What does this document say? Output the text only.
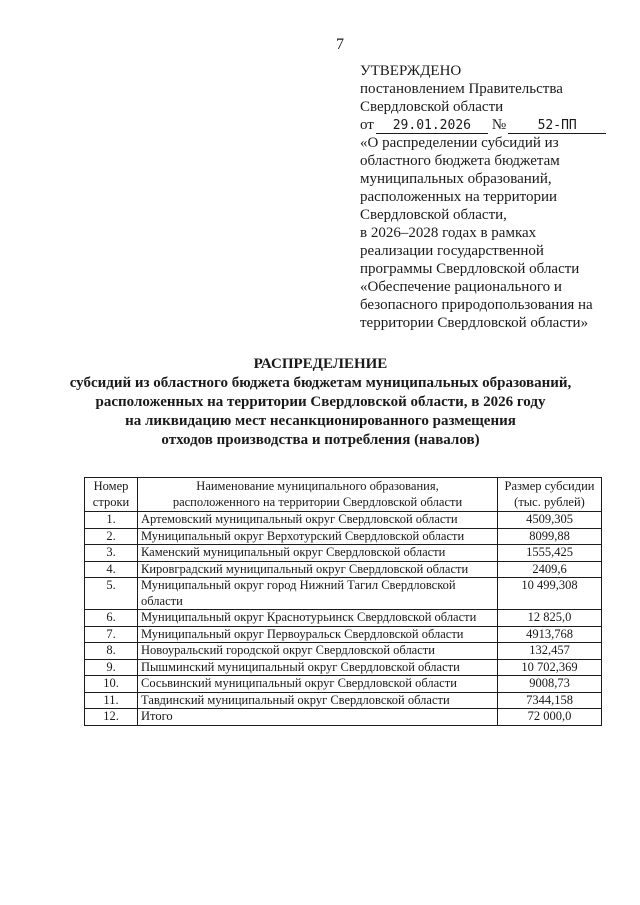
7
УТВЕРЖДЕНО
постановлением Правительства
Свердловской области
от 29.01.2026 № 52-ПП
«О распределении субсидий из
областного бюджета бюджетам
муниципальных образований,
расположенных на территории
Свердловской области,
в 2026–2028 годах в рамках
реализации государственной
программы Свердловской области
«Обеспечение рационального и
безопасного природопользования на
территории Свердловской области»
РАСПРЕДЕЛЕНИЕ
субсидий из областного бюджета бюджетам муниципальных образований,
расположенных на территории Свердловской области, в 2026 году
на ликвидацию мест несанкционированного размещения
отходов производства и потребления (навалов)
Номер строки	Наименование муниципального образования,
расположенного на территории Свердловской области	Размер субсидии
(тыс. рублей)

1.	Артемовский муниципальный округ Свердловской области	4509,305
2.	Муниципальный округ Верхотурский Свердловской области	8099,88
3.	Каменский муниципальный округ Свердловской области	1555,425
4.	Кировградский муниципальный округ Свердловской области	2409,6
5.	Муниципальный округ город Нижний Тагил Свердловской области	10 499,308
6.	Муниципальный округ Краснотурьинск Свердловской области	12 825,0
7.	Муниципальный округ Первоуральск Свердловской области	4913,768
8.	Новоуральский городской округ Свердловской области	132,457
9.	Пышминский муниципальный округ Свердловской области	10 702,369
10.	Сосьвинский муниципальный округ Свердловской области	9008,73
11.	Тавдинский муниципальный округ Свердловской области	7344,158
12.	Итого	72 000,0
